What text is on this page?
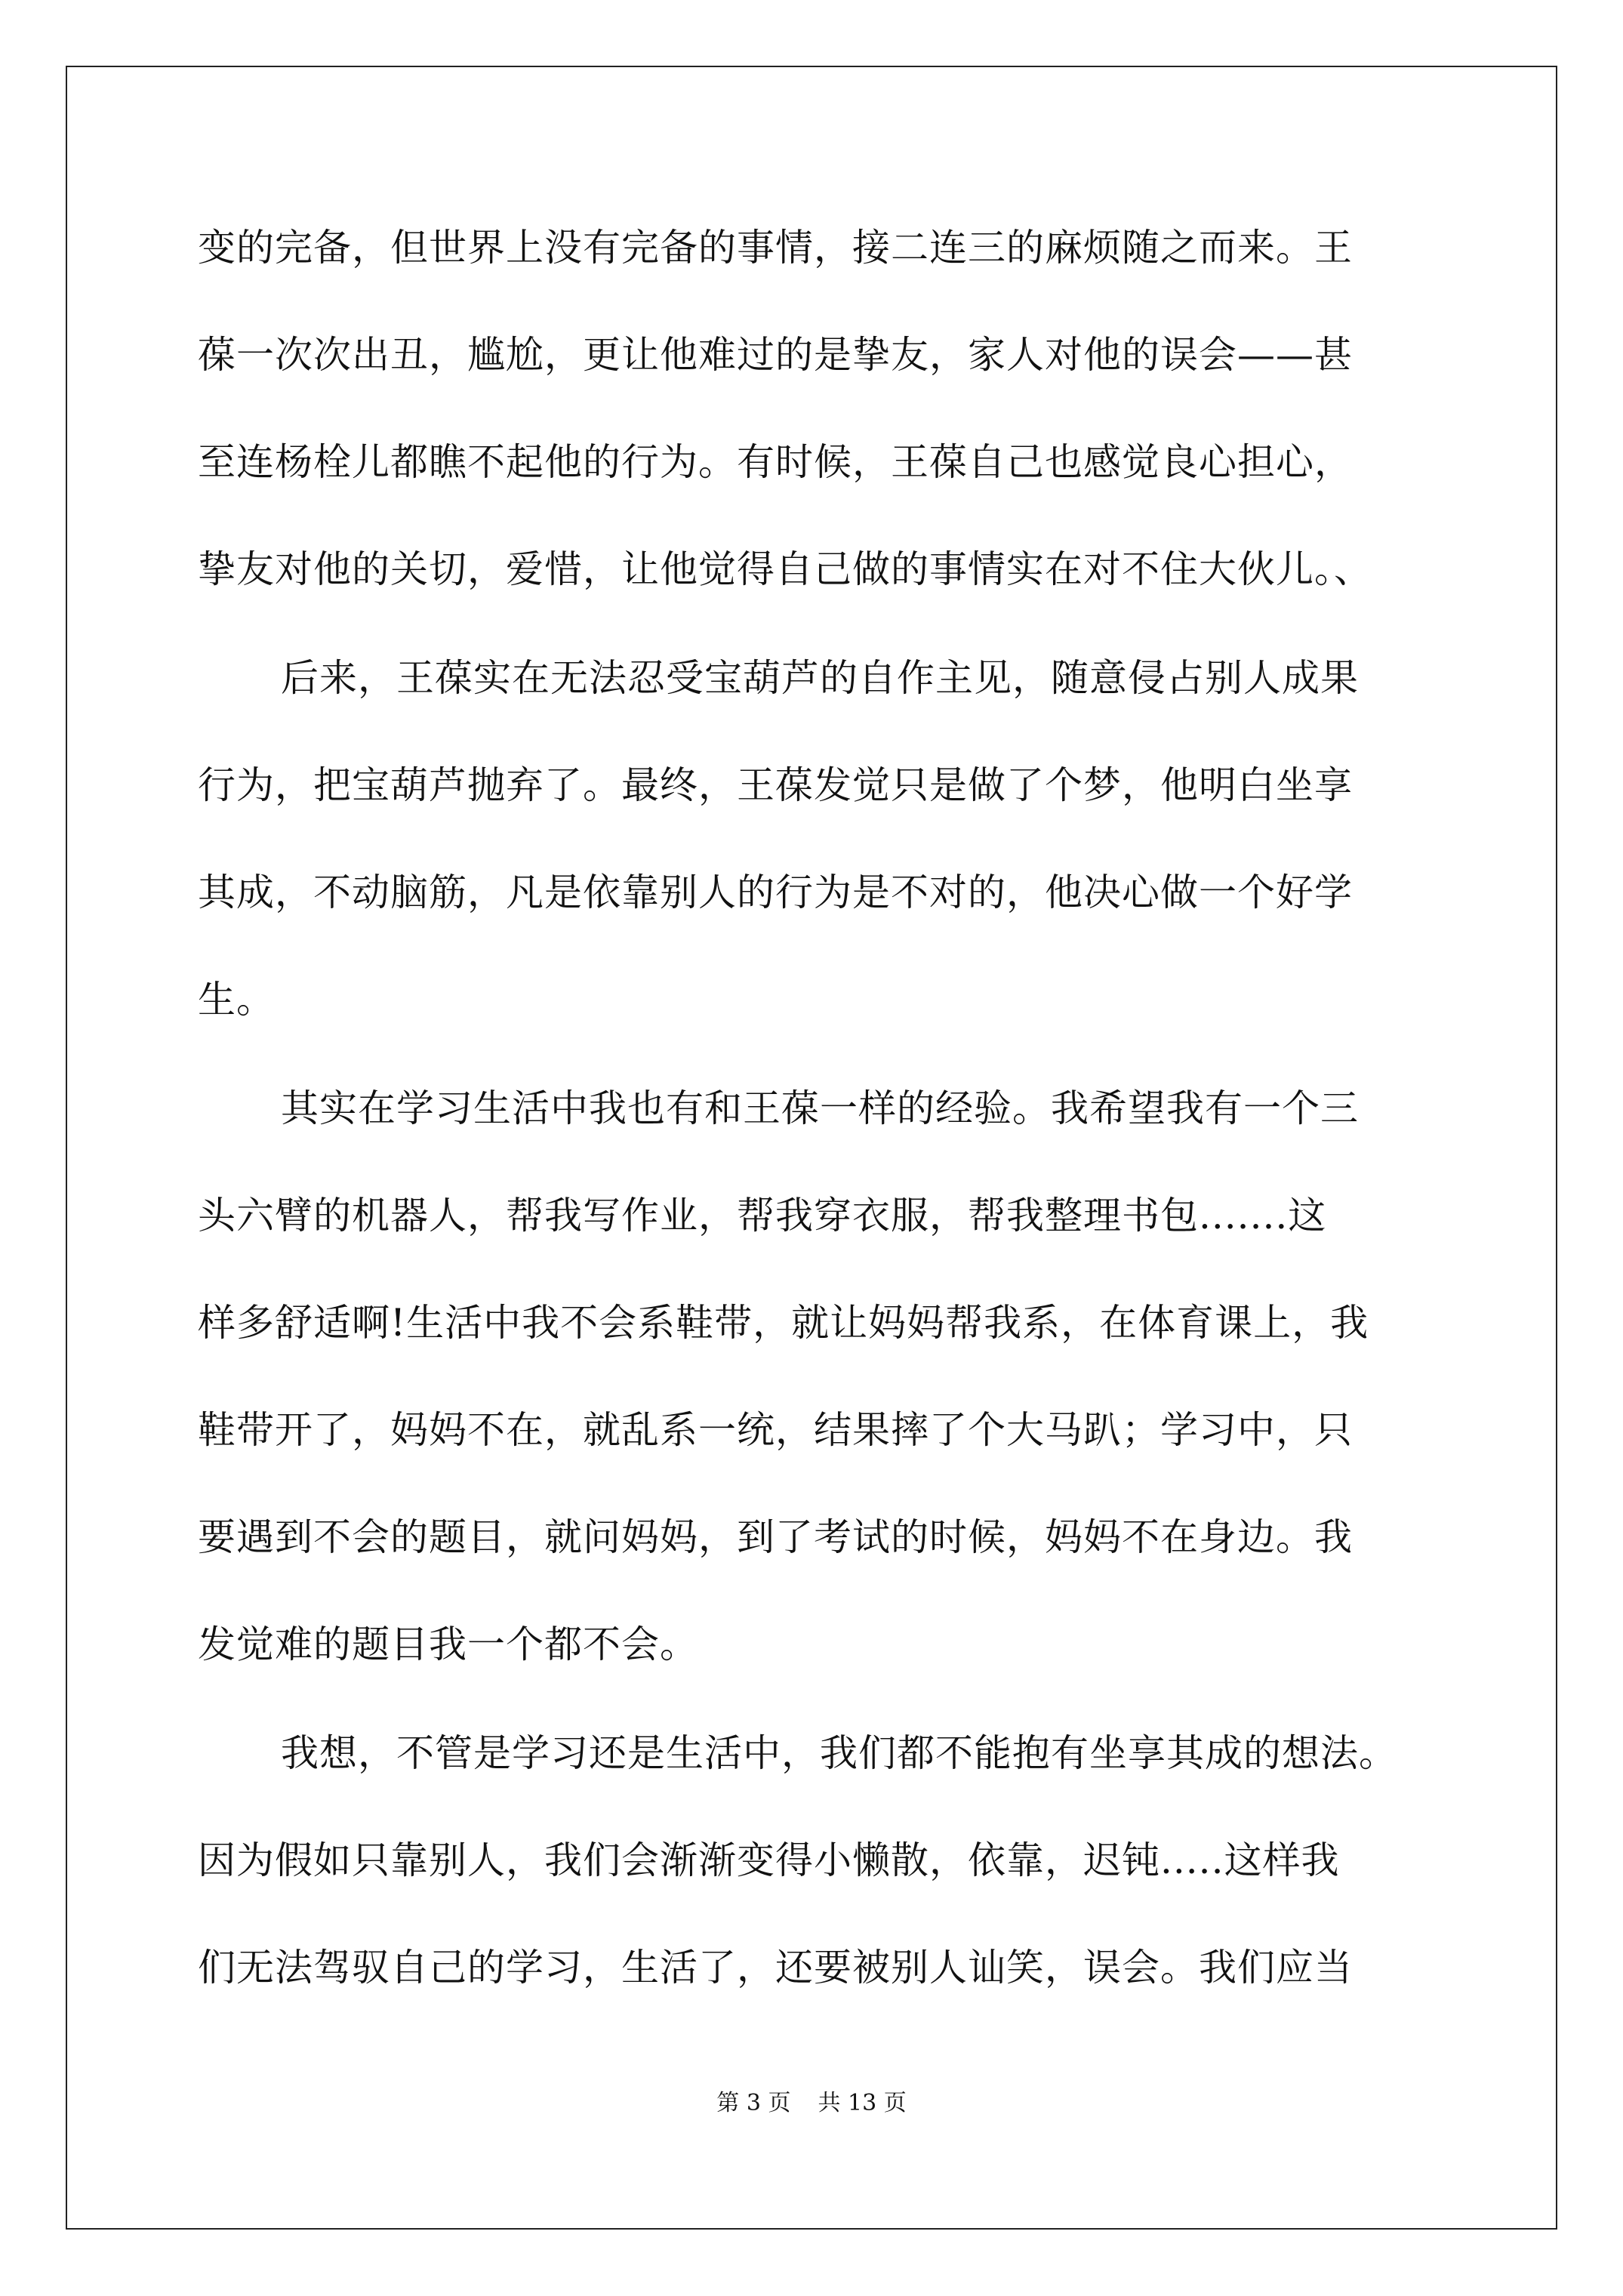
变的完备，但世界上没有完备的事情，接二连三的麻烦随之而来。王
葆一次次出丑，尴尬，更让他难过的是挚友，家人对他的误会——甚
至连杨栓儿都瞧不起他的行为。有时候，王葆自己也感觉良心担心，
挚友对他的关切，爱惜，让他觉得自己做的事情实在对不住大伙儿。、
后来，王葆实在无法忍受宝葫芦的自作主见，随意侵占别人成果
行为，把宝葫芦抛弃了。最终，王葆发觉只是做了个梦，他明白坐享
其成，不动脑筋，凡是依靠别人的行为是不对的，他决心做一个好学
生。
其实在学习生活中我也有和王葆一样的经验。我希望我有一个三
头六臂的机器人，帮我写作业，帮我穿衣服，帮我整理书包.......这
样多舒适啊!生活中我不会系鞋带，就让妈妈帮我系，在体育课上，我
鞋带开了，妈妈不在，就乱系一统，结果摔了个大马趴；学习中，只
要遇到不会的题目，就问妈妈，到了考试的时候，妈妈不在身边。我
发觉难的题目我一个都不会。
我想，不管是学习还是生活中，我们都不能抱有坐享其成的想法。
因为假如只靠别人，我们会渐渐变得小懒散，依靠，迟钝.....这样我
们无法驾驭自己的学习，生活了，还要被别人讪笑，误会。我们应当
第 3 页 共 13 页
